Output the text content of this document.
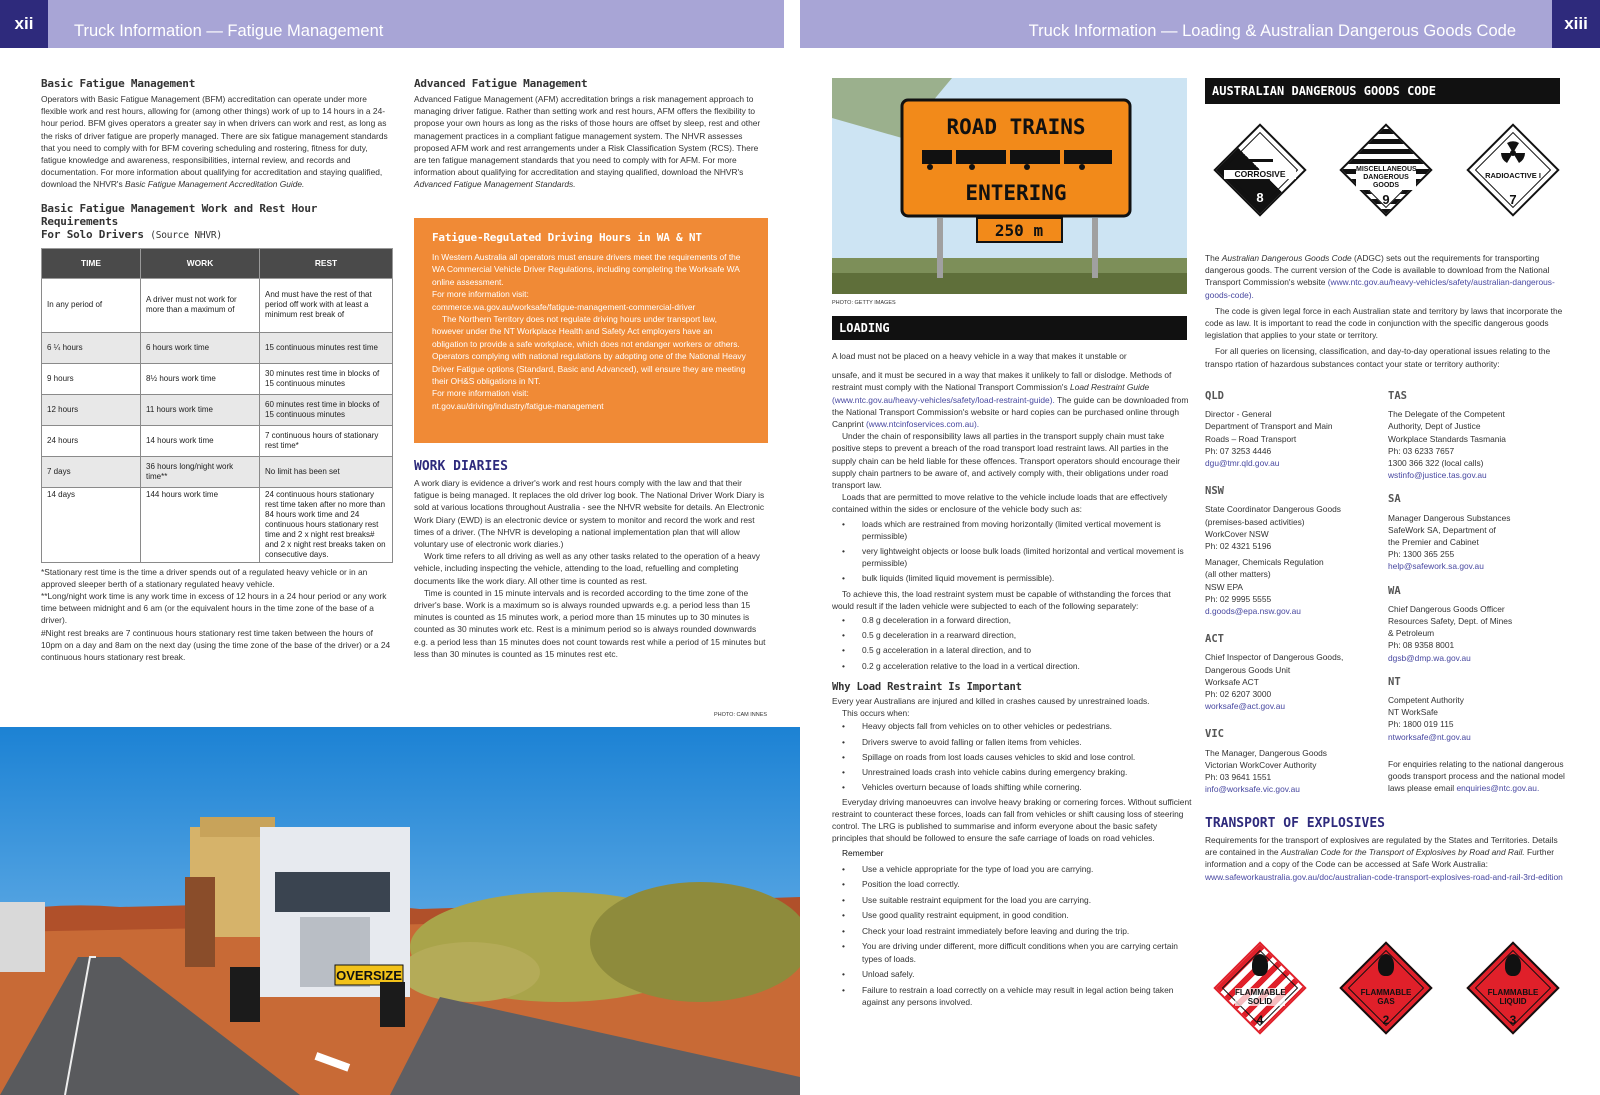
xii	xiii
Truck Information — Fatigue Management	Truck Information — Loading & Australian Dangerous Goods Code
Basic Fatigue Management
Operators with Basic Fatigue Management (BFM) accreditation can operate under more flexible work and rest hours, allowing for (among other things) work of up to 14 hours in a 24-hour period. BFM gives operators a greater say in when drivers can work and rest, as long as the risks of driver fatigue are properly managed. There are six fatigue management standards that you need to comply with for BFM covering scheduling and rostering, fitness for duty, fatigue knowledge and awareness, responsibilities, internal review, and records and documentation. For more information about qualifying for accreditation and staying qualified, download the NHVR's Basic Fatigue Management Accreditation Guide.
Basic Fatigue Management Work and Rest Hour Requirements
For Solo Drivers (Source NHVR)
TIME	WORK	REST
In any period of	A driver must not work for more than a maximum of	And must have the rest of that period off work with at least a minimum rest break of
6 ¼ hours	6 hours work time	15 continuous minutes rest time
9 hours	8½ hours work time	30 minutes rest time in blocks of 15 continuous minutes
12 hours	11 hours work time	60 minutes rest time in blocks of 15 continuous minutes
24 hours	14 hours work time	7 continuous hours of stationary rest time*
7 days	36 hours long/night work time**	No limit has been set
14 days	144 hours work time	24 continuous hours stationary rest time taken after no more than 84 hours work time and 24 continuous hours stationary rest time and 2 x night rest breaks# and 2 x night rest breaks taken on consecutive days.

*Stationary rest time is the time a driver spends out of a regulated heavy vehicle or in an approved sleeper berth of a stationary regulated heavy vehicle.

**Long/night work time is any work time in excess of 12 hours in a 24 hour period or any work time between midnight and 6 am (or the equivalent hours in the time zone of the base of a driver).

#Night rest breaks are 7 continuous hours stationary rest time taken between the hours of 10pm on a day and 8am on the next day (using the time zone of the base of the driver) or a 24 continuous hours stationary rest break.

Advanced Fatigue Management
Advanced Fatigue Management (AFM) accreditation brings a risk management approach to managing driver fatigue. Rather than setting work and rest hours, AFM offers the flexibility to propose your own hours as long as the risks of those hours are offset by sleep, rest and other management practices in a compliant fatigue management system. The NHVR assesses proposed AFM work and rest arrangements under a Risk Classification System (RCS). There are ten fatigue management standards that you need to comply with for AFM. For more information about qualifying for accreditation and staying qualified, download the NHVR's Advanced Fatigue Management Standards.
Fatigue-Regulated Driving Hours in WA & NT

In Western Australia all operators must ensure drivers meet the requirements of the WA Commercial Vehicle Driver Regulations, including completing the Worksafe WA online assessment.

For more information visit:

commerce.wa.gov.au/worksafe/fatigue-management-commercial-driver

The Northern Territory does not regulate driving hours under transport law, however under the NT Workplace Health and Safety Act employers have an obligation to provide a safe workplace, which does not endanger workers or others. Operators complying with national regulations by adopting one of the National Heavy Driver Fatigue options (Standard, Basic and Advanced), will ensure they are meeting their OH&S obligations in NT.

For more information visit:

nt.gov.au/driving/industry/fatigue-management

WORK DIARIES

A work diary is evidence a driver's work and rest hours comply with the law and that their fatigue is being managed. It replaces the old driver log book. The National Driver Work Diary is sold at various locations throughout Australia - see the NHVR website for details. An Electronic Work Diary (EWD) is an electronic device or system to monitor and record the work and rest times of a driver. (The NHVR is developing a national implementation plan that will allow voluntary use of electronic work diaries.)

Work time refers to all driving as well as any other tasks related to the operation of a heavy vehicle, including inspecting the vehicle, attending to the load, refuelling and completing documents like the work diary. All other time is counted as rest.

Time is counted in 15 minute intervals and is recorded according to the time zone of the driver's base. Work is a maximum so is always rounded upwards e.g. a period less than 15 minutes is counted as 15 minutes work, a period more than 15 minutes up to 30 minutes is counted as 30 minutes work etc. Rest is a minimum period so is always rounded downwards e.g. a period less than 15 minutes does not count towards rest while a period of 15 minutes but less than 30 minutes is counted as 15 minutes rest etc.

PHOTO: CAM INNES
OVERSIZE
ROAD TRAINS
ENTERING
250 m
PHOTO: GETTY IMAGES
LOADING

A load must not be placed on a heavy vehicle in a way that makes it unstable or

unsafe, and it must be secured in a way that makes it unlikely to fall or dislodge. Methods of restraint must comply with the National Transport Commission's Load Restraint Guide (www.ntc.gov.au/heavy-vehicles/safety/load-restraint-guide). The guide can be downloaded from the National Transport Commission's website or hard copies can be purchased online through Canprint (www.ntcinfoservices.com.au).

Under the chain of responsibility laws all parties in the transport supply chain must take positive steps to prevent a breach of the road transport load restraint laws. All parties in the supply chain can be held liable for these offences. Transport operators should encourage their supply chain partners to be aware of, and actively comply with, their obligations under road transport law.

Loads that are permitted to move relative to the vehicle include loads that are effectively contained within the sides or enclosure of the vehicle body such as:

• loads which are restrained from moving horizontally (limited vertical movement is permissible)
• very lightweight objects or loose bulk loads (limited horizontal and vertical movement is permissible)
• bulk liquids (limited liquid movement is permissible).

To achieve this, the load restraint system must be capable of withstanding the forces that would result if the laden vehicle were subjected to each of the following separately:

• 0.8 g deceleration in a forward direction,
• 0.5 g deceleration in a rearward direction,
• 0.5 g acceleration in a lateral direction, and to
• 0.2 g acceleration relative to the load in a vertical direction.
Why Load Restraint Is Important

Every year Australians are injured and killed in crashes caused by unrestrained loads.

This occurs when:

• Heavy objects fall from vehicles on to other vehicles or pedestrians.
• Drivers swerve to avoid falling or fallen items from vehicles.
• Spillage on roads from lost loads causes vehicles to skid and lose control.
• Unrestrained loads crash into vehicle cabins during emergency braking.
• Vehicles overturn because of loads shifting while cornering.

Everyday driving manoeuvres can involve heavy braking or cornering forces. Without sufficient restraint to counteract these forces, loads can fall from vehicles or shift causing loss of steering control. The LRG is published to summarise and inform everyone about the basic safety principles that should be followed to ensure the safe carriage of loads on road vehicles.

Remember

• Use a vehicle appropriate for the type of load you are carrying.
• Position the load correctly.
• Use suitable restraint equipment for the load you are carrying.
• Use good quality restraint equipment, in good condition.
• Check your load restraint immediately before leaving and during the trip.
• You are driving under different, more difficult conditions when you are carrying certain types of loads.
• Unload safely.
• Failure to restrain a load correctly on a vehicle may result in legal action being taken against any persons involved.
AUSTRALIAN DANGEROUS GOODS CODE
CORROSIVE
8
MISCELLANEOUS DANGEROUS GOODS
9
RADIOACTIVE I
7

The Australian Dangerous Goods Code (ADGC) sets out the requirements for transporting dangerous goods. The current version of the Code is available to download from the National Transport Commission's website (www.ntc.gov.au/heavy-vehicles/safety/australian-dangerous-goods-code).

The code is given legal force in each Australian state and territory by laws that incorporate the code as law. It is important to read the code in conjunction with the specific dangerous goods legislation that applies to your state or territory.

For all queries on licensing, classification, and day-to-day operational issues relating to the transpo rtation of hazardous substances contact your state or territory authority:

QLD

Director - General

Department of Transport and Main

Roads – Road Transport

Ph: 07 3253 4446

dgu@tmr.qld.gov.au

NSW

State Coordinator Dangerous Goods

(premises-based activities)

WorkCover NSW

Ph: 02 4321 5196

Manager, Chemicals Regulation

(all other matters)

NSW EPA

Ph: 02 9995 5555

d.goods@epa.nsw.gov.au

ACT

Chief Inspector of Dangerous Goods,

Dangerous Goods Unit

Worksafe ACT

Ph: 02 6207 3000

worksafe@act.gov.au

VIC

The Manager, Dangerous Goods

Victorian WorkCover Authority

Ph: 03 9641 1551

info@worksafe.vic.gov.au

TAS

The Delegate of the Competent

Authority, Dept of Justice

Workplace Standards Tasmania

Ph: 03 6233 7657

1300 366 322 (local calls)

wstinfo@justice.tas.gov.au

SA

Manager Dangerous Substances

SafeWork SA, Department of

the Premier and Cabinet

Ph: 1300 365 255

help@safework.sa.gov.au

WA

Chief Dangerous Goods Officer

Resources Safety, Dept. of Mines

& Petroleum

Ph: 08 9358 8001

dgsb@dmp.wa.gov.au

NT

Competent Authority

NT WorkSafe

Ph: 1800 019 115

ntworksafe@nt.gov.au

For enquiries relating to the national dangerous goods transport process and the national model laws please email enquiries@ntc.gov.au.

TRANSPORT OF EXPLOSIVES

Requirements for the transport of explosives are regulated by the States and Territories. Details are contained in the Australian Code for the Transport of Explosives by Road and Rail. Further information and a copy of the Code can be accessed at Safe Work Australia: www.safeworkaustralia.gov.au/doc/australian-code-transport-explosives-road-and-rail-3rd-edition

FLAMMABLE SOLID
4
FLAMMABLE GAS
2
FLAMMABLE LIQUID
3
